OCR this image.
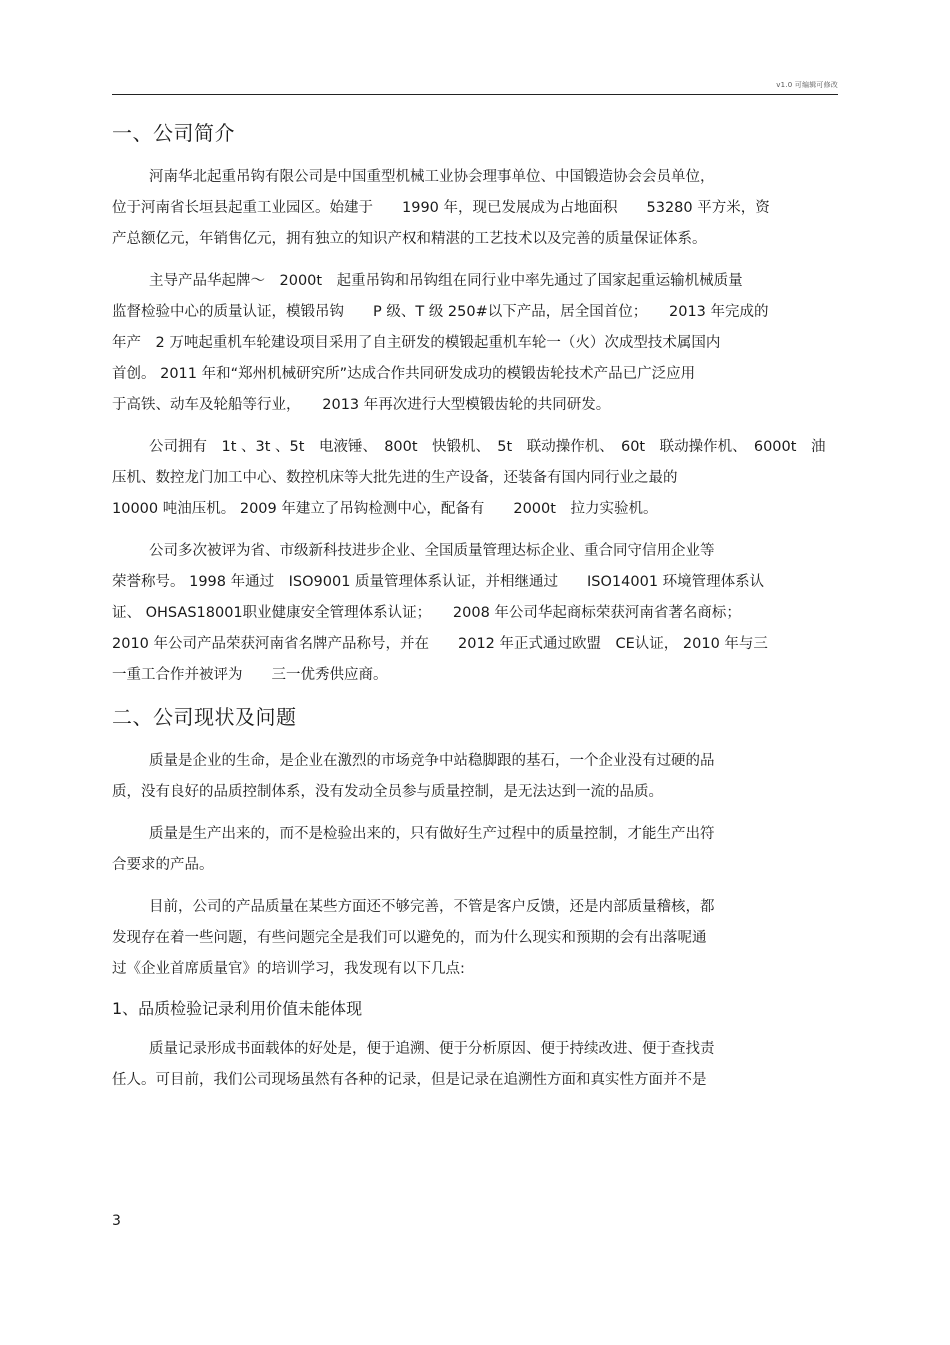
v1.0 可编辑可修改
一、公司简介
河南华北起重吊钩有限公司是中国重型机械工业协会理事单位、中国锻造协会会员单位，
位于河南省长垣县起重工业园区。始建于　　1990 年，现已发展成为占地面积　　53280 平方米，资
产总额亿元，年销售亿元，拥有独立的知识产权和精湛的工艺技术以及完善的质量保证体系。
主导产品华起牌～　2000t　起重吊钩和吊钩组在同行业中率先通过了国家起重运输机械质量
监督检验中心的质量认证，模锻吊钩　　P 级、T 级 250#以下产品，居全国首位；　　2013 年完成的
年产　2 万吨起重机车轮建设项目采用了自主研发的模锻起重机车轮一（火）次成型技术属国内
首创。 2011 年和“郑州机械研究所”达成合作共同研发成功的模锻齿轮技术产品已广泛应用
于高铁、动车及轮船等行业，　　2013 年再次进行大型模锻齿轮的共同研发。
公司拥有　1t 、3t 、5t　电液锤、　800t　快锻机、　5t　联动操作机、　60t　联动操作机、　6000t　油
压机、数控龙门加工中心、数控机床等大批先进的生产设备，还装备有国内同行业之最的
10000 吨油压机。 2009 年建立了吊钩检测中心，配备有　　2000t　拉力实验机。
公司多次被评为省、市级新科技进步企业、全国质量管理达标企业、重合同守信用企业等
荣誉称号。 1998 年通过　ISO9001 质量管理体系认证，并相继通过　　ISO14001 环境管理体系认
证、 OHSAS18001职业健康安全管理体系认证；　　2008 年公司华起商标荣获河南省著名商标；
2010 年公司产品荣获河南省名牌产品称号，并在　　2012 年正式通过欧盟　CE认证， 2010 年与三
一重工合作并被评为　　三一优秀供应商。
二、公司现状及问题
质量是企业的生命，是企业在激烈的市场竞争中站稳脚跟的基石，一个企业没有过硬的品
质，没有良好的品质控制体系，没有发动全员参与质量控制，是无法达到一流的品质。
质量是生产出来的，而不是检验出来的，只有做好生产过程中的质量控制，才能生产出符
合要求的产品。
目前，公司的产品质量在某些方面还不够完善，不管是客户反馈，还是内部质量稽核，都
发现存在着一些问题，有些问题完全是我们可以避免的，而为什么现实和预期的会有出落呢通
过《企业首席质量官》的培训学习，我发现有以下几点:
1、品质检验记录利用价值未能体现
质量记录形成书面载体的好处是，便于追溯、便于分析原因、便于持续改进、便于查找责
任人。可目前，我们公司现场虽然有各种的记录，但是记录在追溯性方面和真实性方面并不是
3
